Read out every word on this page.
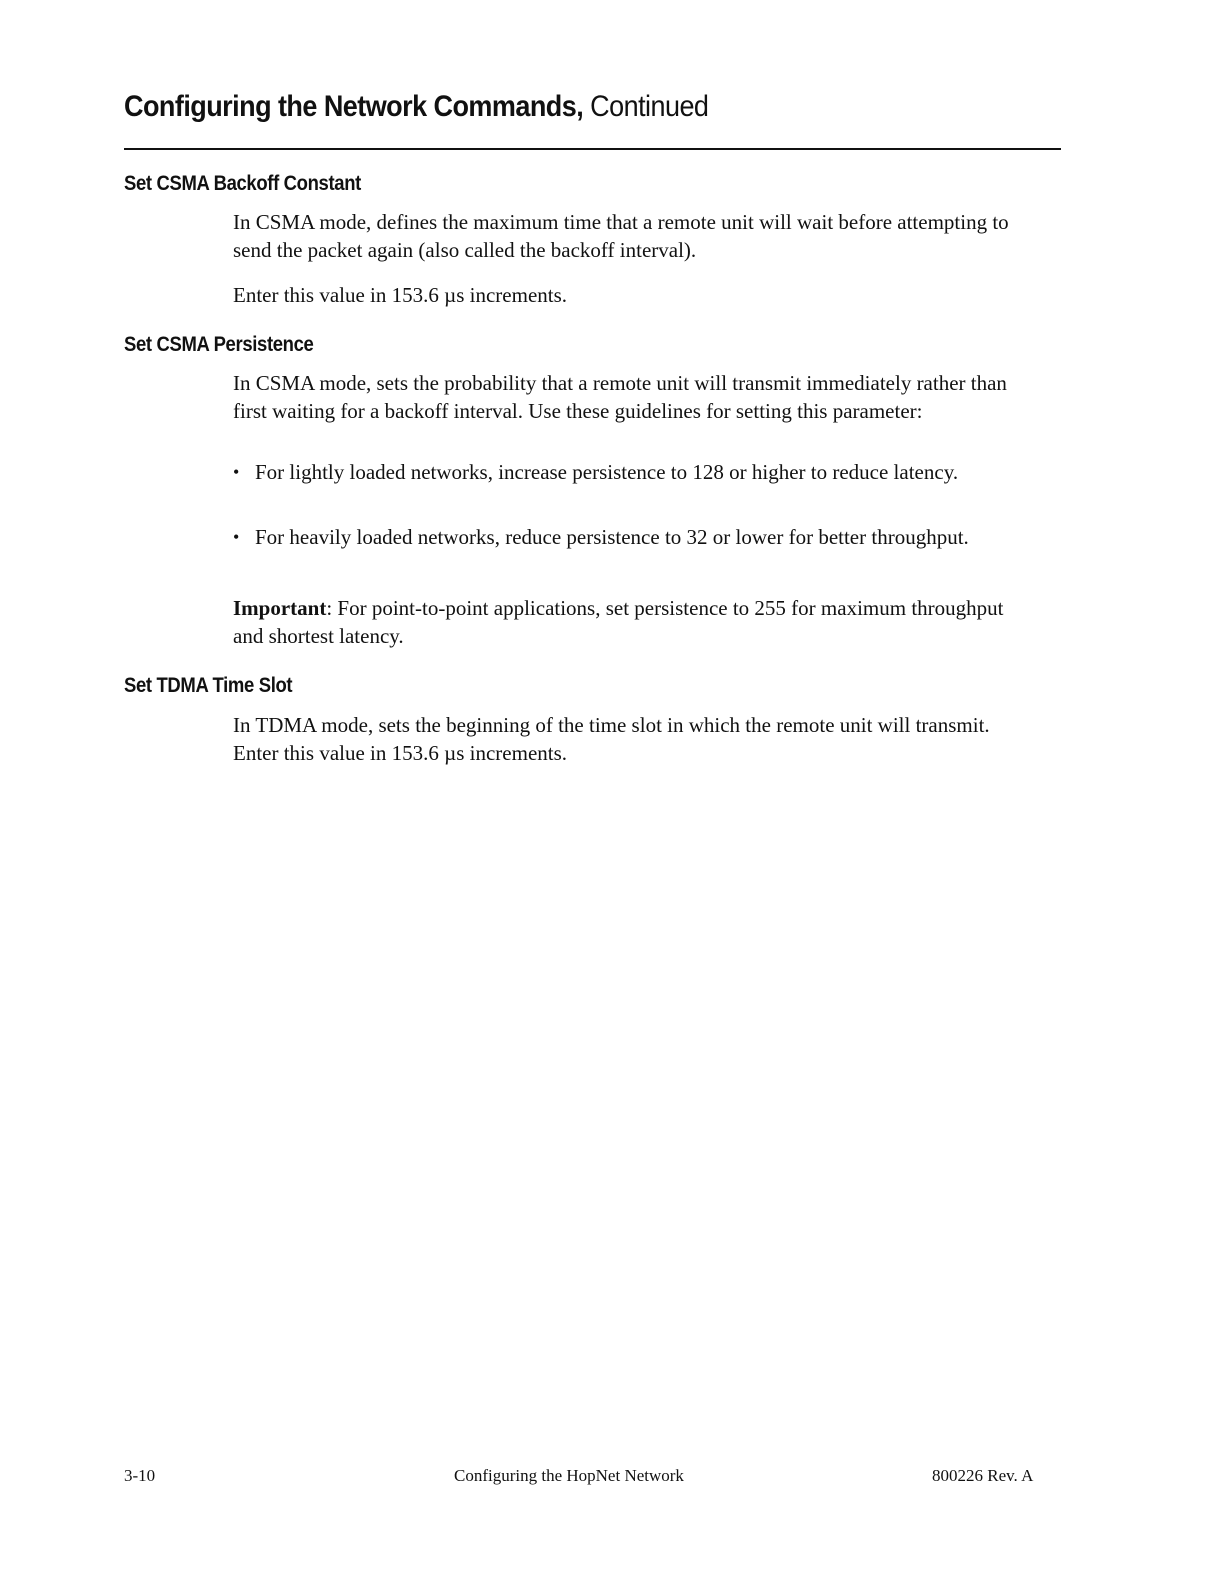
Configuring the Network Commands, Continued
Set CSMA Backoff Constant

In CSMA mode, defines the maximum time that a remote unit will wait before attempting to send the packet again (also called the backoff interval).

Enter this value in 153.6 µs increments.

Set CSMA Persistence

In CSMA mode, sets the probability that a remote unit will transmit immediately rather than first waiting for a backoff interval. Use these guidelines for setting this parameter:

• For lightly loaded networks, increase persistence to 128 or higher to reduce latency.
• For heavily loaded networks, reduce persistence to 32 or lower for better throughput.

Important: For point-to-point applications, set persistence to 255 for maximum throughput and shortest latency.

Set TDMA Time Slot

In TDMA mode, sets the beginning of the time slot in which the remote unit will transmit. Enter this value in 153.6 µs increments.

3-10	Configuring the HopNet Network	800226 Rev. A
